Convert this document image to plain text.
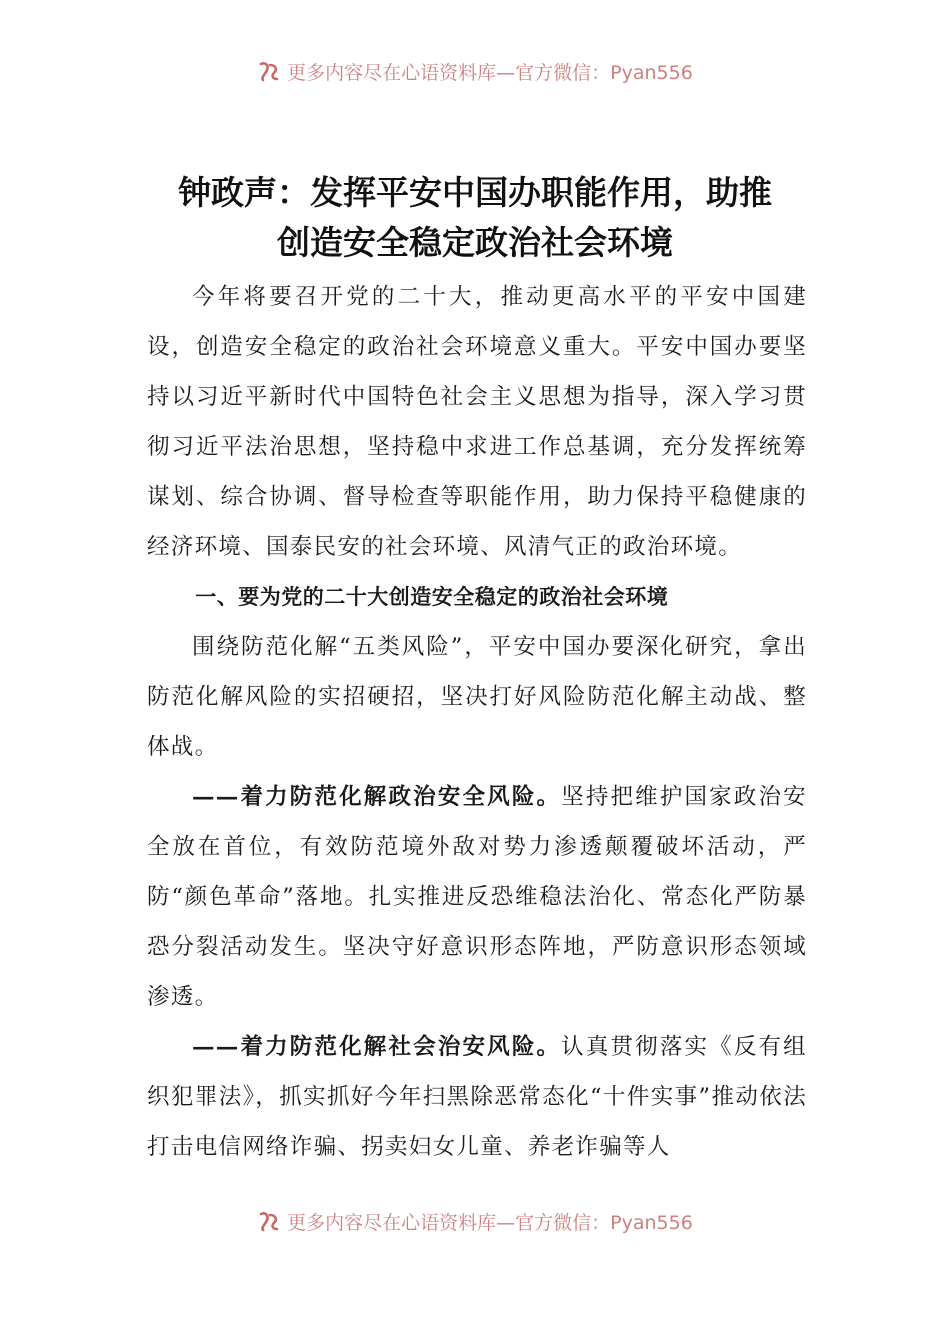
更多内容尽在心语资料库—官方微信：Pyan556
钟政声：发挥平安中国办职能作用，助推
创造安全稳定政治社会环境

今年将要召开党的二十大，推动更高水平的平安中国建设，创造安全稳定的政治社会环境意义重大。平安中国办要坚持以习近平新时代中国特色社会主义思想为指导，深入学习贯彻习近平法治思想，坚持稳中求进工作总基调，充分发挥统筹谋划、综合协调、督导检查等职能作用，助力保持平稳健康的经济环境、国泰民安的社会环境、风清气正的政治环境。

一、要为党的二十大创造安全稳定的政治社会环境

围绕防范化解“五类风险”，平安中国办要深化研究，拿出防范化解风险的实招硬招，坚决打好风险防范化解主动战、整体战。

——着力防范化解政治安全风险。坚持把维护国家政治安全放在首位，有效防范境外敌对势力渗透颠覆破坏活动，严防“颜色革命”落地。扎实推进反恐维稳法治化、常态化严防暴恐分裂活动发生。坚决守好意识形态阵地，严防意识形态领域渗透。

——着力防范化解社会治安风险。认真贯彻落实《反有组织犯罪法》，抓实抓好今年扫黑除恶常态化“十件实事”推动依法打击电信网络诈骗、拐卖妇女儿童、养老诈骗等人

更多内容尽在心语资料库—官方微信：Pyan556
